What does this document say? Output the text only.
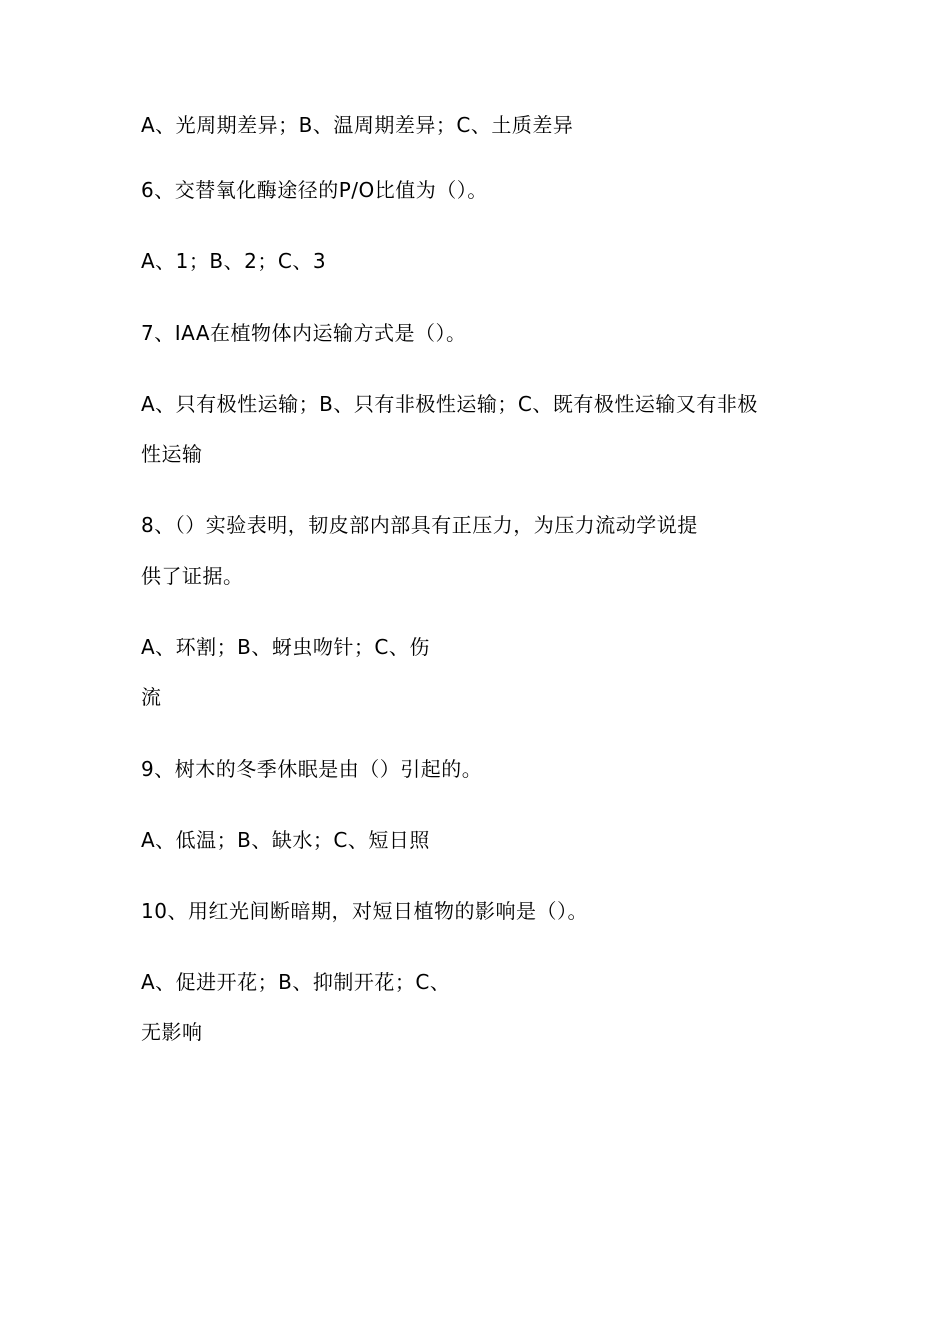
A、光周期差异；B、温周期差异；C、土质差异
6、交替氧化酶途径的P/O比值为（）。
A、1；B、2；C、3
7、IAA在植物体内运输方式是（）。
A、只有极性运输；B、只有非极性运输；C、既有极性运输又有非极
性运输
8、（）实验表明，韧皮部内部具有正压力，为压力流动学说提
供了证据。
A、环割；B、蚜虫吻针；C、伤
流
9、树木的冬季休眠是由（）引起的。
A、低温；B、缺水；C、短日照
10、用红光间断暗期，对短日植物的影响是（）。
A、促进开花；B、抑制开花；C、
无影响
